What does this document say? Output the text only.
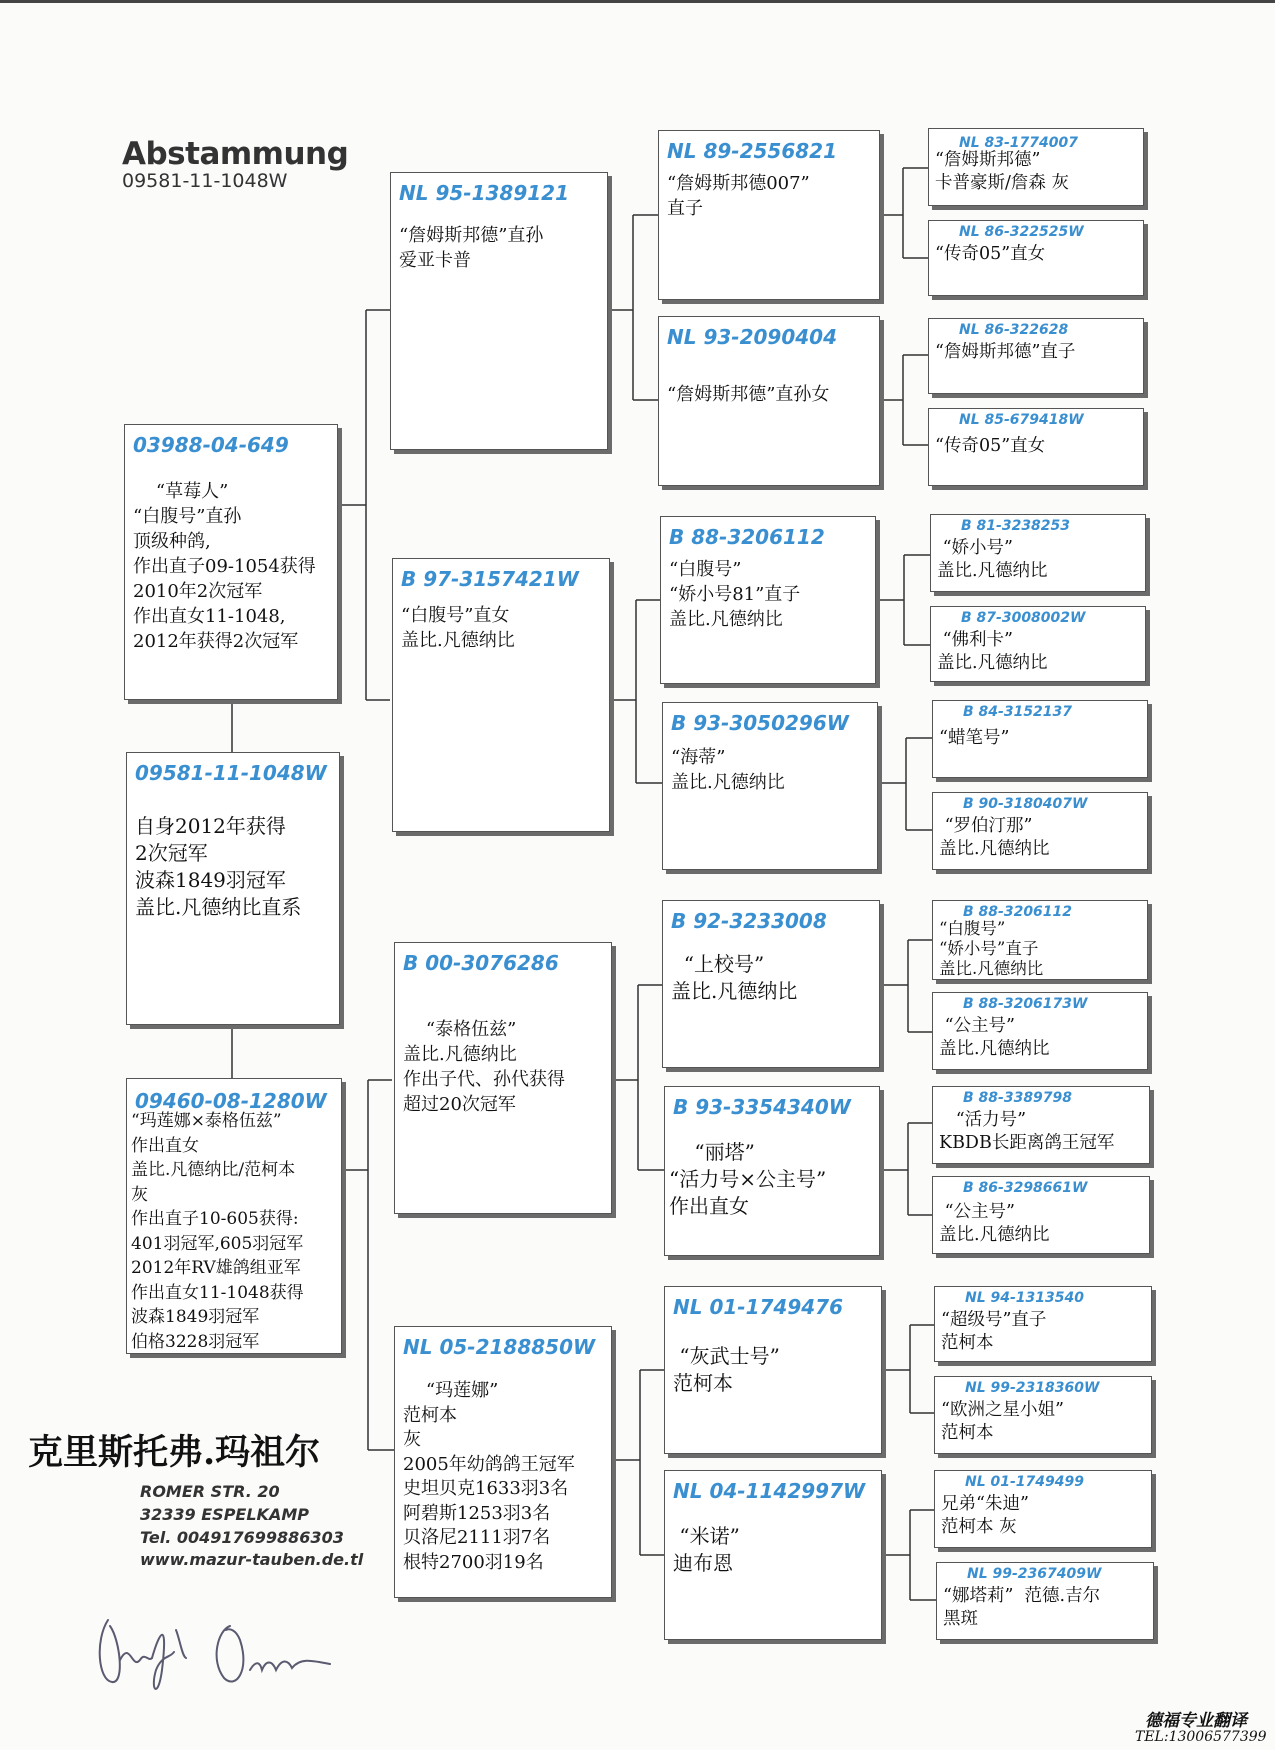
Abstammung
09581-11-1048W
03988-04-649
“草莓人”
“白腹号”直孙
顶级种鸽,
作出直子09-1054获得
2010年2次冠军
作出直女11-1048,
2012年获得2次冠军
09581-11-1048W
自身2012年获得
2次冠军
波森1849羽冠军
盖比.凡德纳比直系
09460-08-1280W
“玛莲娜×泰格伍兹”
作出直女
盖比.凡德纳比/范柯本
灰
作出直子10-605获得:
401羽冠军,605羽冠军
2012年RV雄鸽组亚军
作出直女11-1048获得
波森1849羽冠军
伯格3228羽冠军
NL 95-1389121
“詹姆斯邦德”直孙
爱亚卡普
B 97-3157421W
“白腹号”直女
盖比.凡德纳比
B 00-3076286
“泰格伍兹”
盖比.凡德纳比
作出子代、孙代获得
超过20次冠军
NL 05-2188850W
“玛莲娜”
范柯本
灰
2005年幼鸽鸽王冠军
史坦贝克1633羽3名
阿碧斯1253羽3名
贝洛尼2111羽7名
根特2700羽19名
NL 89-2556821
“詹姆斯邦德007”
直子
NL 93-2090404

“詹姆斯邦德”直孙女
B 88-3206112
“白腹号”
“娇小号81”直子
盖比.凡德纳比
B 93-3050296W
“海蒂”
盖比.凡德纳比
B 92-3233008
“上校号”
盖比.凡德纳比
B 93-3354340W
“丽塔”
“活力号×公主号”
作出直女
NL 01-1749476
“灰武士号”
范柯本
NL 04-1142997W
“米诺”
迪布恩
NL 83-1774007
“詹姆斯邦德”
卡普豪斯/詹森 灰
NL 86-322525W
“传奇05”直女
NL 86-322628
“詹姆斯邦德”直子
NL 85-679418W
“传奇05”直女
B 81-3238253
“娇小号”
盖比.凡德纳比
B 87-3008002W
“佛利卡”
盖比.凡德纳比
B 84-3152137
“蜡笔号”
B 90-3180407W
“罗伯汀那”
盖比.凡德纳比
B 88-3206112
“白腹号”
“娇小号”直子
盖比.凡德纳比
B 88-3206173W
“公主号”
盖比.凡德纳比
B 88-3389798
“活力号”
KBDB长距离鸽王冠军
B 86-3298661W
“公主号”
盖比.凡德纳比
NL 94-1313540
“超级号”直子
范柯本
NL 99-2318360W
“欧洲之星小姐”
范柯本
NL 01-1749499
兄弟“朱迪”
范柯本 灰
NL 99-2367409W
“娜塔莉”  范德.吉尔
黑斑
克里斯托弗.玛祖尔
ROMER STR. 20
32339 ESPELKAMP
Tel. 004917699886303
www.mazur-tauben.de.tl
德福专业翻译
TEL:13006577399
